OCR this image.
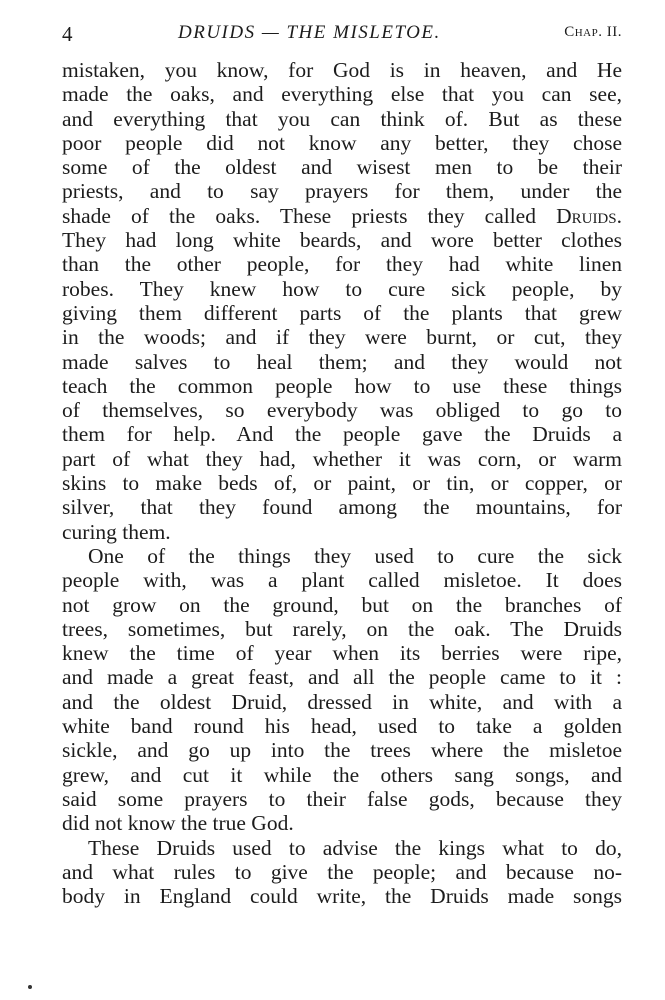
4	DRUIDS — THE MISLETOE.	Chap. II.
mistaken, you know, for God is in heaven, and He
made the oaks, and everything else that you can see,
and everything that you can think of. But as these
poor people did not know any better, they chose
some of the oldest and wisest men to be their
priests, and to say prayers for them, under the
shade of the oaks. These priests they called Druids.
They had long white beards, and wore better clothes
than the other people, for they had white linen
robes. They knew how to cure sick people, by
giving them different parts of the plants that grew
in the woods; and if they were burnt, or cut, they
made salves to heal them; and they would not
teach the common people how to use these things
of themselves, so everybody was obliged to go to
them for help. And the people gave the Druids a
part of what they had, whether it was corn, or warm
skins to make beds of, or paint, or tin, or copper, or
silver, that they found among the mountains, for
curing them.
One of the things they used to cure the sick
people with, was a plant called misletoe. It does
not grow on the ground, but on the branches of
trees, sometimes, but rarely, on the oak. The Druids
knew the time of year when its berries were ripe,
and made a great feast, and all the people came to it :
and the oldest Druid, dressed in white, and with a
white band round his head, used to take a golden
sickle, and go up into the trees where the misletoe
grew, and cut it while the others sang songs, and
said some prayers to their false gods, because they
did not know the true God.
These Druids used to advise the kings what to do,
and what rules to give the people; and because no-
body in England could write, the Druids made songs
